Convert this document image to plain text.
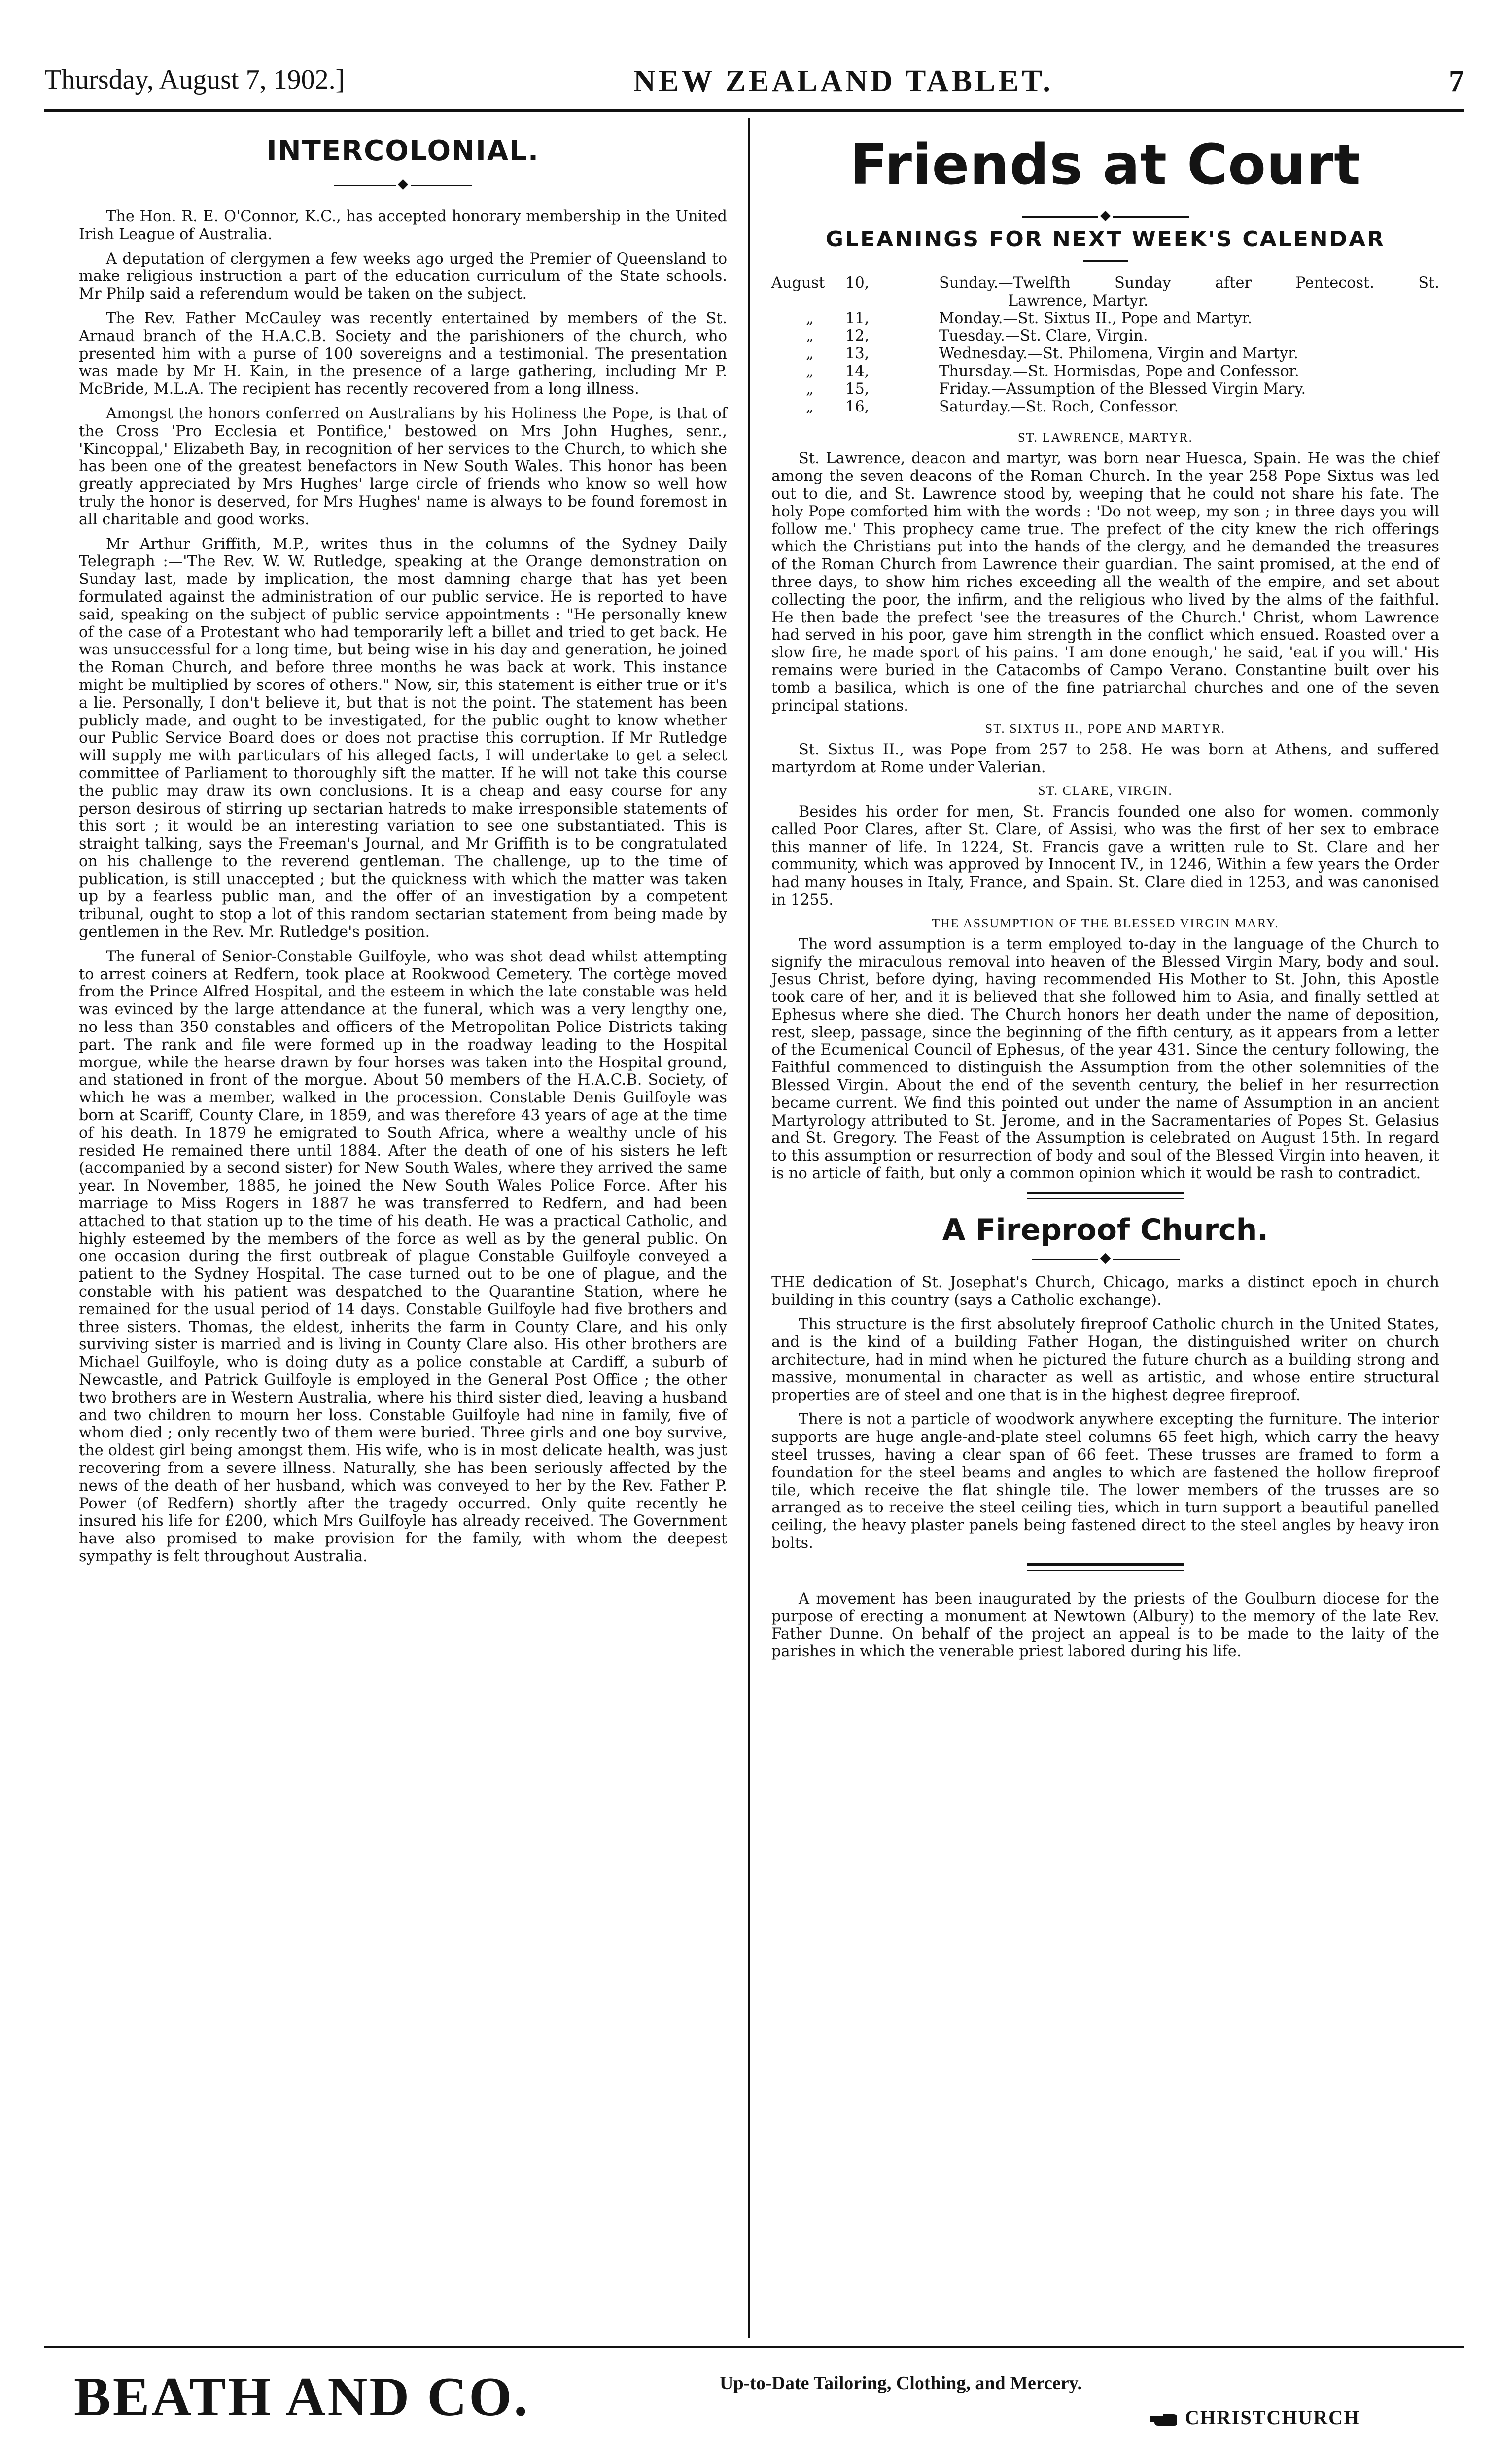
Thursday, August 7, 1902.]	NEW ZEALAND TABLET.	7
INTERCOLONIAL.

The Hon. R. E. O'Connor, K.C., has accepted honorary membership in the United Irish League of Australia.

A deputation of clergymen a few weeks ago urged the Premier of Queensland to make religious instruction a part of the education curriculum of the State schools. Mr Philp said a referendum would be taken on the subject.

The Rev. Father McCauley was recently entertained by members of the St. Arnaud branch of the H.A.C.B. Society and the parishioners of the church, who presented him with a purse of 100 sovereigns and a testimonial. The presentation was made by Mr H. Kain, in the presence of a large gathering, including Mr P. McBride, M.L.A. The recipient has recently recovered from a long illness.

Amongst the honors conferred on Australians by his Holiness the Pope, is that of the Cross 'Pro Ecclesia et Pontifice,' bestowed on Mrs John Hughes, senr., 'Kincoppal,' Elizabeth Bay, in recognition of her services to the Church, to which she has been one of the greatest benefactors in New South Wales. This honor has been greatly appreciated by Mrs Hughes' large circle of friends who know so well how truly the honor is deserved, for Mrs Hughes' name is always to be found foremost in all charitable and good works.

Mr Arthur Griffith, M.P., writes thus in the columns of the Sydney Daily Telegraph :—'The Rev. W. W. Rutledge, speaking at the Orange demonstration on Sunday last, made by implication, the most damning charge that has yet been formulated against the administration of our public service. He is reported to have said, speaking on the subject of public service appointments : "He personally knew of the case of a Protestant who had temporarily left a billet and tried to get back. He was unsuccessful for a long time, but being wise in his day and generation, he joined the Roman Church, and before three months he was back at work. This instance might be multiplied by scores of others." Now, sir, this statement is either true or it's a lie. Personally, I don't believe it, but that is not the point. The statement has been publicly made, and ought to be investigated, for the public ought to know whether our Public Service Board does or does not practise this corruption. If Mr Rutledge will supply me with particulars of his alleged facts, I will undertake to get a select committee of Parliament to thoroughly sift the matter. If he will not take this course the public may draw its own conclusions. It is a cheap and easy course for any person desirous of stirring up sectarian hatreds to make irresponsible statements of this sort ; it would be an interesting variation to see one substantiated. This is straight talking, says the Freeman's Journal, and Mr Griffith is to be congratulated on his challenge to the reverend gentleman. The challenge, up to the time of publication, is still unaccepted ; but the quickness with which the matter was taken up by a fearless public man, and the offer of an investigation by a competent tribunal, ought to stop a lot of this random sectarian statement from being made by gentlemen in the Rev. Mr. Rutledge's position.

The funeral of Senior-Constable Guilfoyle, who was shot dead whilst attempting to arrest coiners at Redfern, took place at Rookwood Cemetery. The cortège moved from the Prince Alfred Hospital, and the esteem in which the late constable was held was evinced by the large attendance at the funeral, which was a very lengthy one, no less than 350 constables and officers of the Metropolitan Police Districts taking part. The rank and file were formed up in the roadway leading to the Hospital morgue, while the hearse drawn by four horses was taken into the Hospital ground, and stationed in front of the morgue. About 50 members of the H.A.C.B. Society, of which he was a member, walked in the procession. Constable Denis Guilfoyle was born at Scariff, County Clare, in 1859, and was therefore 43 years of age at the time of his death. In 1879 he emigrated to South Africa, where a wealthy uncle of his resided He remained there until 1884. After the death of one of his sisters he left (accompanied by a second sister) for New South Wales, where they arrived the same year. In November, 1885, he joined the New South Wales Police Force. After his marriage to Miss Rogers in 1887 he was transferred to Redfern, and had been attached to that station up to the time of his death. He was a practical Catholic, and highly esteemed by the members of the force as well as by the general public. On one occasion during the first outbreak of plague Constable Guilfoyle conveyed a patient to the Sydney Hospital. The case turned out to be one of plague, and the constable with his patient was despatched to the Quarantine Station, where he remained for the usual period of 14 days. Constable Guilfoyle had five brothers and three sisters. Thomas, the eldest, inherits the farm in County Clare, and his only surviving sister is married and is living in County Clare also. His other brothers are Michael Guilfoyle, who is doing duty as a police constable at Cardiff, a suburb of Newcastle, and Patrick Guilfoyle is employed in the General Post Office ; the other two brothers are in Western Australia, where his third sister died, leaving a husband and two children to mourn her loss. Constable Guilfoyle had nine in family, five of whom died ; only recently two of them were buried. Three girls and one boy survive, the oldest girl being amongst them. His wife, who is in most delicate health, was just recovering from a severe illness. Naturally, she has been seriously affected by the news of the death of her husband, which was conveyed to her by the Rev. Father P. Power (of Redfern) shortly after the tragedy occurred. Only quite recently he insured his life for £200, which Mrs Guilfoyle has already received. The Government have also promised to make provision for the family, with whom the deepest sympathy is felt throughout Australia.

Friends at Court
GLEANINGS FOR NEXT WEEK'S CALENDAR
August 10,	Sunday.—Twelfth Sunday after Pentecost. St.
Lawrence, Martyr.
„ 11,	Monday.—St. Sixtus II., Pope and Martyr.
„ 12,	Tuesday.—St. Clare, Virgin.
„ 13,	Wednesday.—St. Philomena, Virgin and Martyr.
„ 14,	Thursday.—St. Hormisdas, Pope and Confessor.
„ 15,	Friday.—Assumption of the Blessed Virgin Mary.
„ 16,	Saturday.—St. Roch, Confessor.
ST. LAWRENCE, MARTYR.

St. Lawrence, deacon and martyr, was born near Huesca, Spain. He was the chief among the seven deacons of the Roman Church. In the year 258 Pope Sixtus was led out to die, and St. Lawrence stood by, weeping that he could not share his fate. The holy Pope comforted him with the words : 'Do not weep, my son ; in three days you will follow me.' This prophecy came true. The prefect of the city knew the rich offerings which the Christians put into the hands of the clergy, and he demanded the treasures of the Roman Church from Lawrence their guardian. The saint promised, at the end of three days, to show him riches exceeding all the wealth of the empire, and set about collecting the poor, the infirm, and the religious who lived by the alms of the faithful. He then bade the prefect 'see the treasures of the Church.' Christ, whom Lawrence had served in his poor, gave him strength in the conflict which ensued. Roasted over a slow fire, he made sport of his pains. 'I am done enough,' he said, 'eat if you will.' His remains were buried in the Catacombs of Campo Verano. Constantine built over his tomb a basilica, which is one of the fine patriarchal churches and one of the seven principal stations.

ST. SIXTUS II., POPE AND MARTYR.

St. Sixtus II., was Pope from 257 to 258. He was born at Athens, and suffered martyrdom at Rome under Valerian.

ST. CLARE, VIRGIN.

Besides his order for men, St. Francis founded one also for women. commonly called Poor Clares, after St. Clare, of Assisi, who was the first of her sex to embrace this manner of life. In 1224, St. Francis gave a written rule to St. Clare and her community, which was approved by Innocent IV., in 1246, Within a few years the Order had many houses in Italy, France, and Spain. St. Clare died in 1253, and was canonised in 1255.

THE ASSUMPTION OF THE BLESSED VIRGIN MARY.

The word assumption is a term employed to-day in the language of the Church to signify the miraculous removal into heaven of the Blessed Virgin Mary, body and soul. Jesus Christ, before dying, having recommended His Mother to St. John, this Apostle took care of her, and it is believed that she followed him to Asia, and finally settled at Ephesus where she died. The Church honors her death under the name of deposition, rest, sleep, passage, since the beginning of the fifth century, as it appears from a letter of the Ecumenical Council of Ephesus, of the year 431. Since the century following, the Faithful commenced to distinguish the Assumption from the other solemnities of the Blessed Virgin. About the end of the seventh century, the belief in her resurrection became current. We find this pointed out under the name of Assumption in an ancient Martyrology attributed to St. Jerome, and in the Sacramentaries of Popes St. Gelasius and St. Gregory. The Feast of the Assumption is celebrated on August 15th. In regard to this assumption or resurrection of body and soul of the Blessed Virgin into heaven, it is no article of faith, but only a common opinion which it would be rash to contradict.

A Fireproof Church.

THE dedication of St. Josephat's Church, Chicago, marks a distinct epoch in church building in this country (says a Catholic exchange).

This structure is the first absolutely fireproof Catholic church in the United States, and is the kind of a building Father Hogan, the distinguished writer on church architecture, had in mind when he pictured the future church as a building strong and massive, monumental in character as well as artistic, and whose entire structural properties are of steel and one that is in the highest degree fireproof.

There is not a particle of woodwork anywhere excepting the furniture. The interior supports are huge angle-and-plate steel columns 65 feet high, which carry the heavy steel trusses, having a clear span of 66 feet. These trusses are framed to form a foundation for the steel beams and angles to which are fastened the hollow fireproof tile, which receive the flat shingle tile. The lower members of the trusses are so arranged as to receive the steel ceiling ties, which in turn support a beautiful panelled ceiling, the heavy plaster panels being fastened direct to the steel angles by heavy iron bolts.

A movement has been inaugurated by the priests of the Goulburn diocese for the purpose of erecting a monument at Newtown (Albury) to the memory of the late Rev. Father Dunne. On behalf of the project an appeal is to be made to the laity of the parishes in which the venerable priest labored during his life.

BEATH AND CO.	Up-to-Date Tailoring, Clothing, and Mercery.
CHRISTCHURCH
